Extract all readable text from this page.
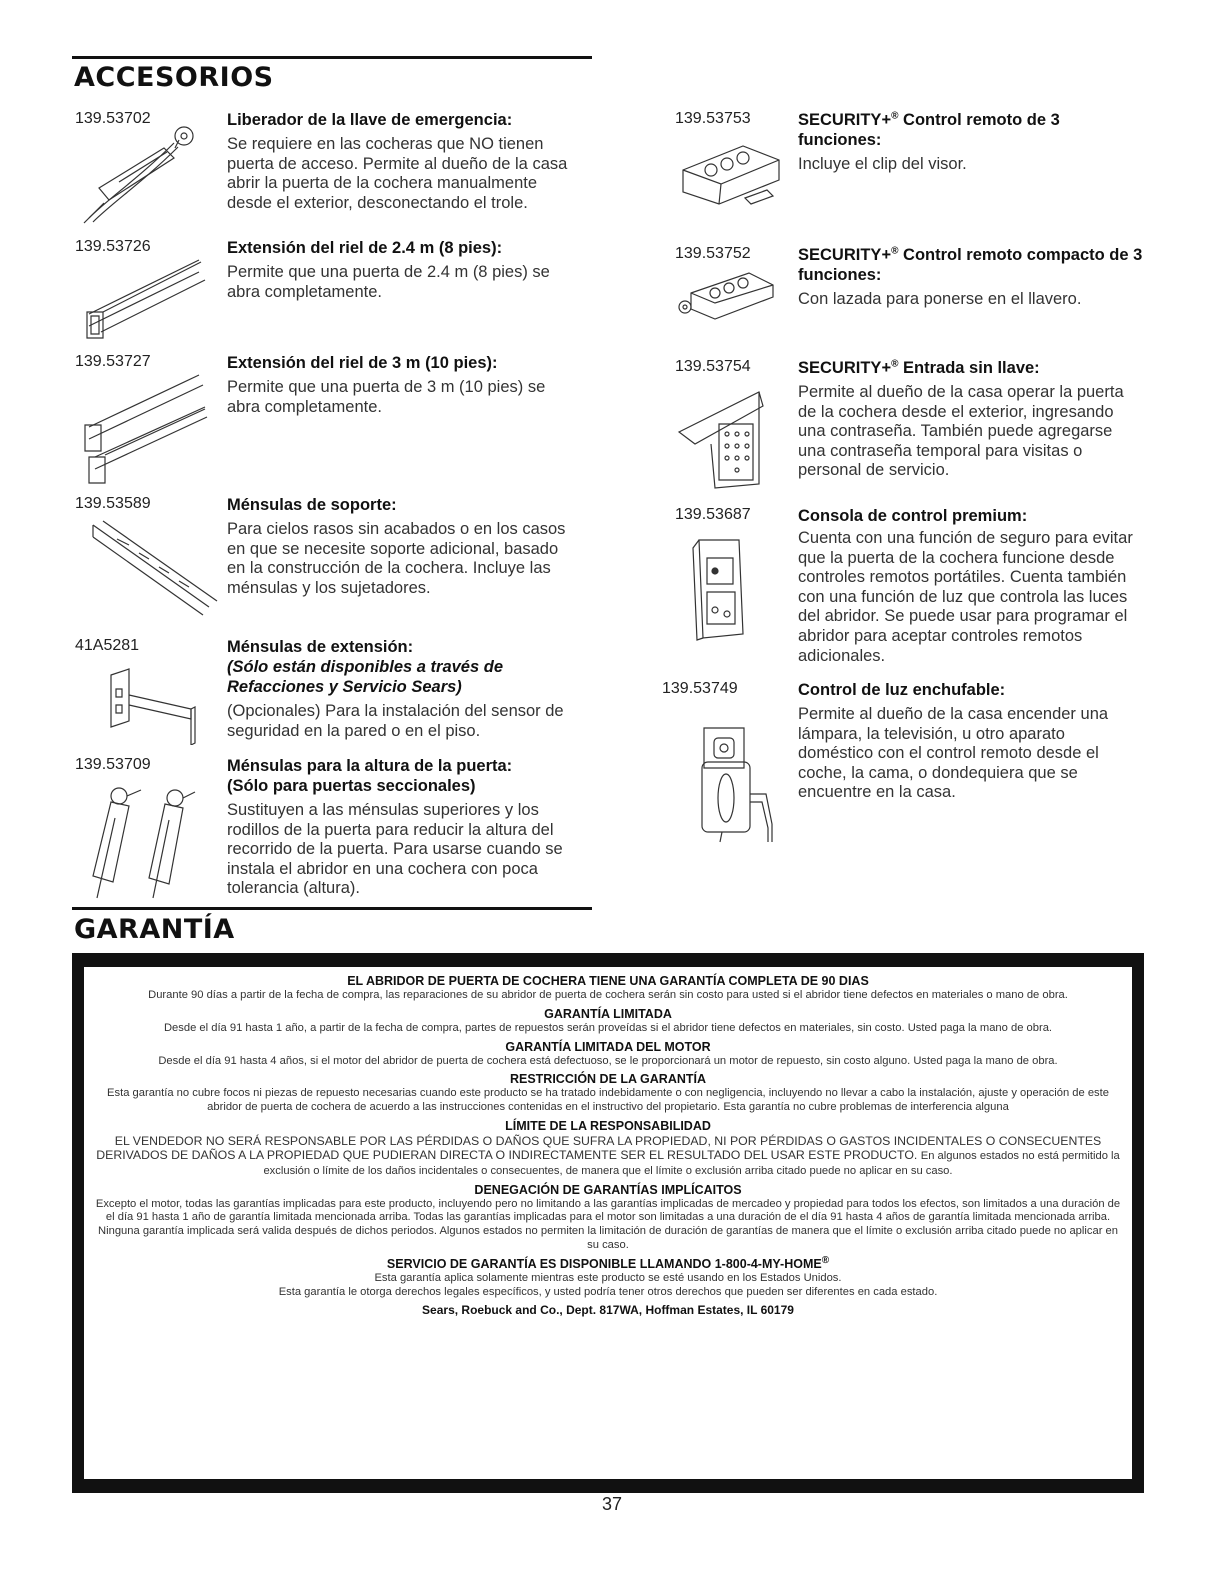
ACCESORIOS
139.53702	Liberador de la llave de emergencia:
Se requiere en las cocheras que NO tienen puerta de acceso. Permite al dueño de la casa abrir la puerta de la cochera manualmente desde el exterior, desconectando el trole.
139.53726	Extensión del riel de 2.4 m (8 pies):
Permite que una puerta de 2.4 m (8 pies) se abra completamente.
139.53727	Extensión del riel de 3 m (10 pies):
Permite que una puerta de 3 m (10 pies) se abra completamente.
139.53589	Ménsulas de soporte:
Para cielos rasos sin acabados o en los casos en que se necesite soporte adicional, basado en la construcción de la cochera. Incluye las ménsulas y los sujetadores.
41A5281	Ménsulas de extensión:
(Sólo están disponibles a través de Refacciones y Servicio Sears)
(Opcionales) Para la instalación del sensor de seguridad en la pared o en el piso.
139.53709	Ménsulas para la altura de la puerta:
(Sólo para puertas seccionales)
Sustituyen a las ménsulas superiores y los rodillos de la puerta para reducir la altura del recorrido de la puerta. Para usarse cuando se instala el abridor en una cochera con poca tolerancia (altura).
139.53753	SECURITY+® Control remoto de 3 funciones:
Incluye el clip del visor.
139.53752	SECURITY+® Control remoto compacto de 3 funciones:
Con lazada para ponerse en el llavero.
139.53754	SECURITY+® Entrada sin llave:
Permite al dueño de la casa operar la puerta de la cochera desde el exterior, ingresando una contraseña. También puede agregarse una contraseña temporal para visitas o personal de servicio.
139.53687	Consola de control premium:
Cuenta con una función de seguro para evitar que la puerta de la cochera funcione desde controles remotos portátiles. Cuenta también con una función de luz que controla las luces del abridor. Se puede usar para programar el abridor para aceptar controles remotos adicionales.
139.53749	Control de luz enchufable:
Permite al dueño de la casa encender una lámpara, la televisión, u otro aparato doméstico con el control remoto desde el coche, la cama, o dondequiera que se encuentre en la casa.
GARANTÍA
EL ABRIDOR DE PUERTA DE COCHERA TIENE UNA GARANTÍA COMPLETA DE 90 DIAS
Durante 90 días a partir de la fecha de compra, las reparaciones de su abridor de puerta de cochera serán sin costo para usted si el abridor tiene defectos en materiales o mano de obra.
GARANTÍA LIMITADA
Desde el día 91 hasta 1 año, a partir de la fecha de compra, partes de repuestos serán proveídas si el abridor tiene defectos en materiales, sin costo. Usted paga la mano de obra.
GARANTÍA LIMITADA DEL MOTOR
Desde el día 91 hasta 4 años, si el motor del abridor de puerta de cochera está defectuoso, se le proporcionará un motor de repuesto, sin costo alguno. Usted paga la mano de obra.
RESTRICCIÓN DE LA GARANTÍA
Esta garantía no cubre focos ni piezas de repuesto necesarias cuando este producto se ha tratado indebidamente o con negligencia, incluyendo no llevar a cabo la instalación, ajuste y operación de este abridor de puerta de cochera de acuerdo a las instrucciones contenidas en el instructivo del propietario. Esta garantía no cubre problemas de interferencia alguna
LÍMITE DE LA RESPONSABILIDAD
EL VENDEDOR NO SERÁ RESPONSABLE POR LAS PÉRDIDAS O DAÑOS QUE SUFRA LA PROPIEDAD, NI POR PÉRDIDAS O GASTOS INCIDENTALES O CONSECUENTES DERIVADOS DE DAÑOS A LA PROPIEDAD QUE PUDIERAN DIRECTA O INDIRECTAMENTE SER EL RESULTADO DEL USAR ESTE PRODUCTO. En algunos estados no está permitido la exclusión o límite de los daños incidentales o consecuentes, de manera que el límite o exclusión arriba citado puede no aplicar en su caso.
DENEGACIÓN DE GARANTÍAS IMPLÍCAITOS
Excepto el motor, todas las garantías implicadas para este producto, incluyendo pero no limitando a las garantías implicadas de mercadeo y propiedad para todos los efectos, son limitados a una duración de el día 91 hasta 1 año de garantía limitada mencionada arriba. Todas las garantías implicadas para el motor son limitadas a una duración de el día 91 hasta 4 años de garantía limitada mencionada arriba. Ninguna garantía implicada será valida después de dichos periodos. Algunos estados no permiten la limitación de duración de garantías de manera que el límite o exclusión arriba citado puede no aplicar en su caso.
SERVICIO DE GARANTÍA ES DISPONIBLE LLAMANDO 1-800-4-MY-HOME®
Esta garantía aplica solamente mientras este producto se esté usando en los Estados Unidos.
Esta garantía le otorga derechos legales específicos, y usted podría tener otros derechos que pueden ser diferentes en cada estado.
Sears, Roebuck and Co., Dept. 817WA, Hoffman Estates, IL 60179
37
